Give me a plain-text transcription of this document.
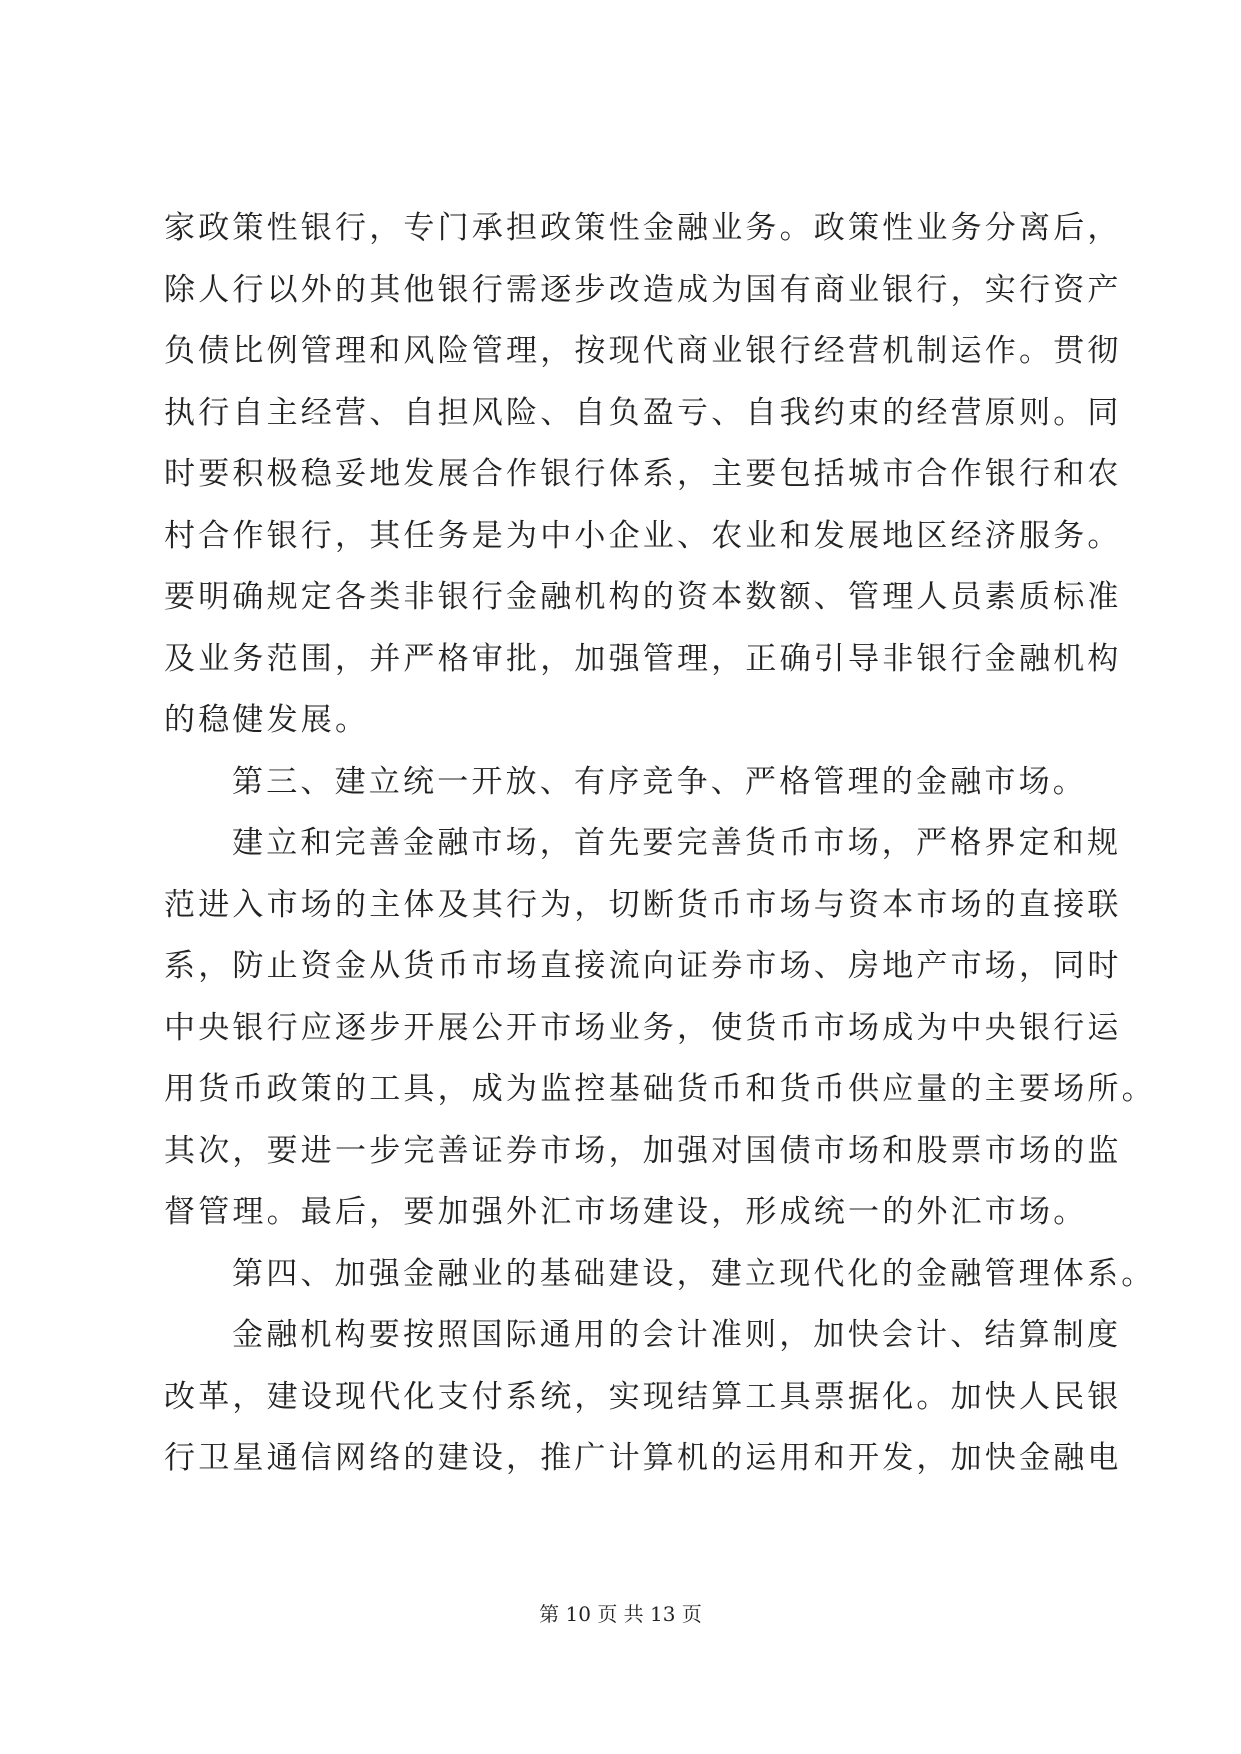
家政策性银行，专门承担政策性金融业务。政策性业务分离后，
除人行以外的其他银行需逐步改造成为国有商业银行，实行资产
负债比例管理和风险管理，按现代商业银行经营机制运作。贯彻
执行自主经营、自担风险、自负盈亏、自我约束的经营原则。同
时要积极稳妥地发展合作银行体系，主要包括城市合作银行和农
村合作银行，其任务是为中小企业、农业和发展地区经济服务。
要明确规定各类非银行金融机构的资本数额、管理人员素质标准
及业务范围，并严格审批，加强管理，正确引导非银行金融机构
的稳健发展。
第三、建立统一开放、有序竞争、严格管理的金融市场。
建立和完善金融市场，首先要完善货币市场，严格界定和规
范进入市场的主体及其行为，切断货币市场与资本市场的直接联
系，防止资金从货币市场直接流向证券市场、房地产市场，同时
中央银行应逐步开展公开市场业务，使货币市场成为中央银行运
用货币政策的工具，成为监控基础货币和货币供应量的主要场所。
其次，要进一步完善证券市场，加强对国债市场和股票市场的监
督管理。最后，要加强外汇市场建设，形成统一的外汇市场。
第四、加强金融业的基础建设，建立现代化的金融管理体系。
金融机构要按照国际通用的会计准则，加快会计、结算制度
改革，建设现代化支付系统，实现结算工具票据化。加快人民银
行卫星通信网络的建设，推广计算机的运用和开发，加快金融电
第 10 页 共 13 页
